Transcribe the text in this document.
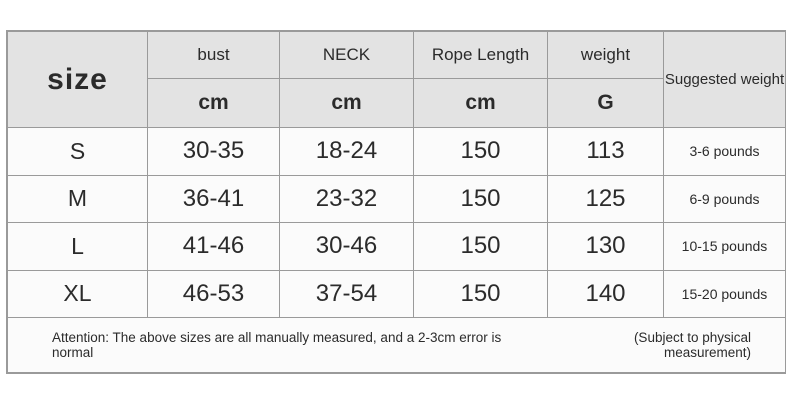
size	bust	NECK	Rope Length	weight	Suggested weight
	cm	cm	cm	G	
S	30-35	18-24	150	113	3-6 pounds
M	36-41	23-32	150	125	6-9 pounds
L	41-46	30-46	150	130	10-15 pounds
XL	46-53	37-54	150	140	15-20 pounds

Attention: The above sizes are all manually measured, and a 2-3cm error is normal
(Subject to physical measurement)					
